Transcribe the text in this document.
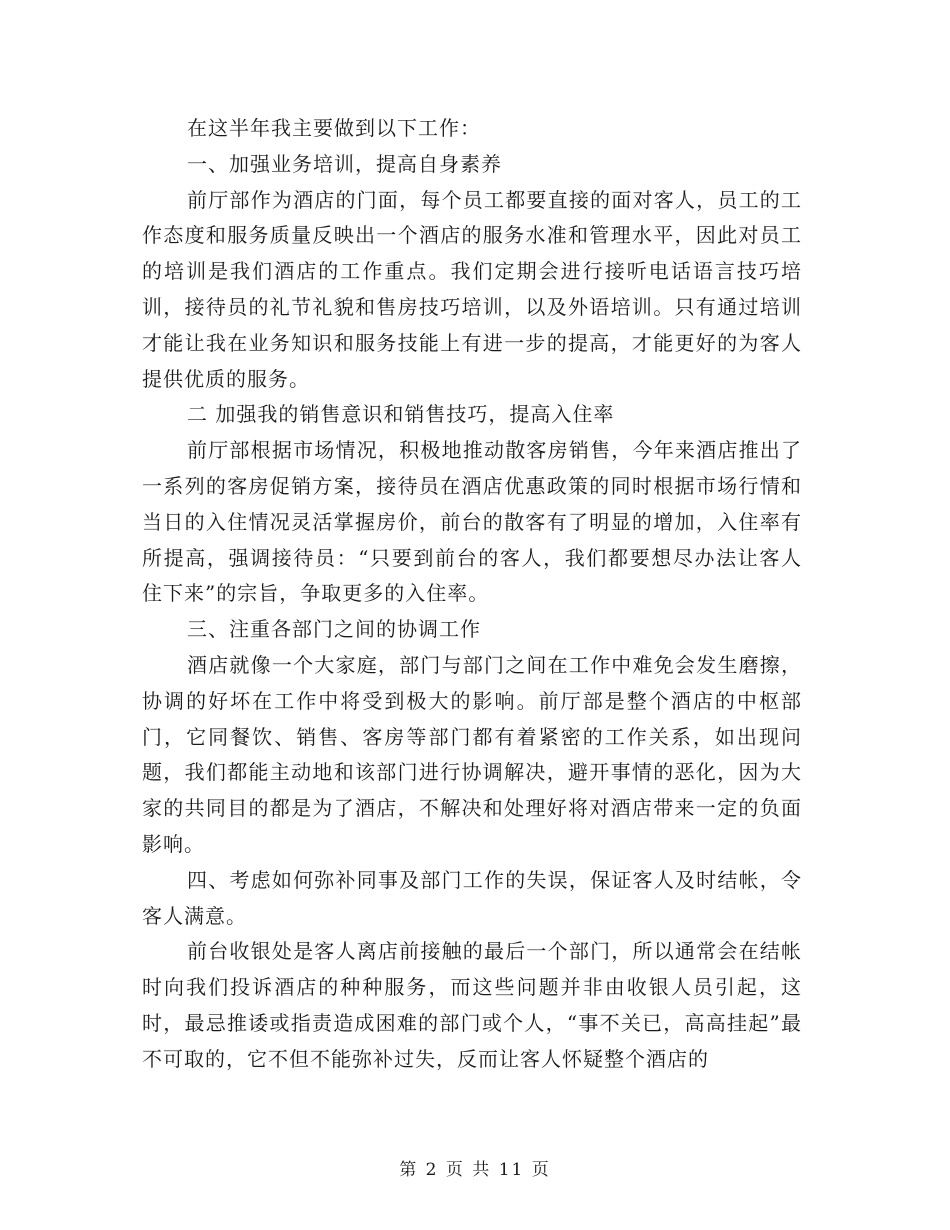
在这半年我主要做到以下工作：

一、加强业务培训，提高自身素养

前厅部作为酒店的门面，每个员工都要直接的面对客人，员工的工作态度和服务质量反映出一个酒店的服务水准和管理水平，因此对员工的培训是我们酒店的工作重点。我们定期会进行接听电话语言技巧培训，接待员的礼节礼貌和售房技巧培训，以及外语培训。只有通过培训才能让我在业务知识和服务技能上有进一步的提高，才能更好的为客人提供优质的服务。

二 加强我的销售意识和销售技巧，提高入住率

前厅部根据市场情况，积极地推动散客房销售，今年来酒店推出了一系列的客房促销方案，接待员在酒店优惠政策的同时根据市场行情和当日的入住情况灵活掌握房价，前台的散客有了明显的增加，入住率有所提高，强调接待员：“只要到前台的客人，我们都要想尽办法让客人住下来”的宗旨，争取更多的入住率。

三、注重各部门之间的协调工作

酒店就像一个大家庭，部门与部门之间在工作中难免会发生磨擦，协调的好坏在工作中将受到极大的影响。前厅部是整个酒店的中枢部门，它同餐饮、销售、客房等部门都有着紧密的工作关系，如出现问题，我们都能主动地和该部门进行协调解决，避开事情的恶化，因为大家的共同目的都是为了酒店，不解决和处理好将对酒店带来一定的负面影响。

四、考虑如何弥补同事及部门工作的失误，保证客人及时结帐，令客人满意。

前台收银处是客人离店前接触的最后一个部门，所以通常会在结帐时向我们投诉酒店的种种服务，而这些问题并非由收银人员引起，这时，最忌推诿或指责造成困难的部门或个人，“事不关已，高高挂起”最不可取的，它不但不能弥补过失，反而让客人怀疑整个酒店的

第 2 页 共 11 页
